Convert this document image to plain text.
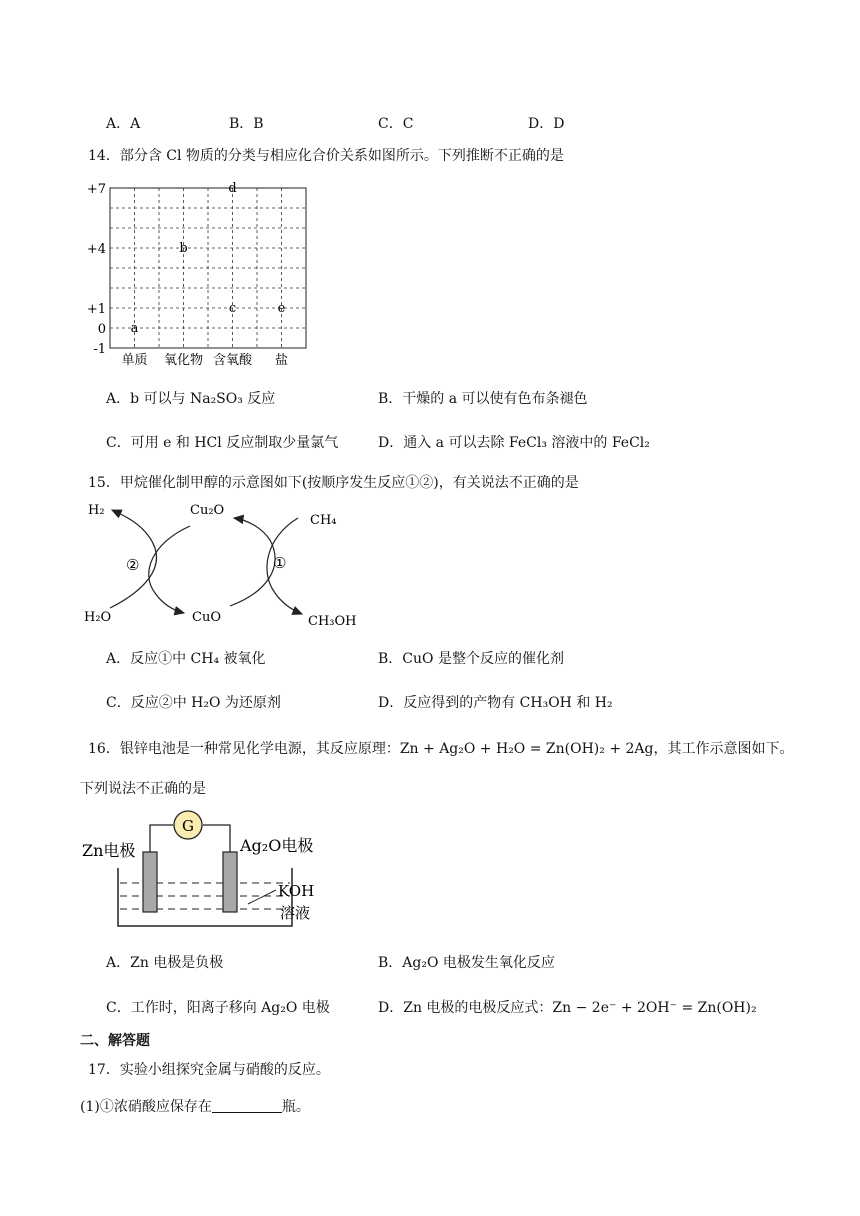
A．A	B．B	C．C	D．D
14．部分含 Cl 物质的分类与相应化合价关系如图所示。下列推断不正确的是
+7
+4
+1
0
-1
单质 氧化物 含氧酸 盐
a
b
c
d
e
A．b 可以与 Na₂SO₃ 反应	B．干燥的 a 可以使有色布条褪色
C．可用 e 和 HCl 反应制取少量氯气	D．通入 a 可以去除 FeCl₃ 溶液中的 FeCl₂
15．甲烷催化制甲醇的示意图如下(按顺序发生反应①②)，有关说法不正确的是
H₂	Cu₂O
CH₄
H₂O	CuO	CH₃OH
②	①
A．反应①中 CH₄ 被氧化	B．CuO 是整个反应的催化剂
C．反应②中 H₂O 为还原剂	D．反应得到的产物有 CH₃OH 和 H₂
16．银锌电池是一种常见化学电源，其反应原理：Zn + Ag₂O + H₂O = Zn(OH)₂ + 2Ag，其工作示意图如下。
下列说法不正确的是
G
Zn电极	Ag₂O电极
KOH
溶液
A．Zn 电极是负极	B．Ag₂O 电极发生氧化反应
C．工作时，阳离子移向 Ag₂O 电极	D．Zn 电极的电极反应式：Zn − 2e⁻ + 2OH⁻ = Zn(OH)₂
二、解答题
17．实验小组探究金属与硝酸的反应。
(1)①浓硝酸应保存在	瓶。
